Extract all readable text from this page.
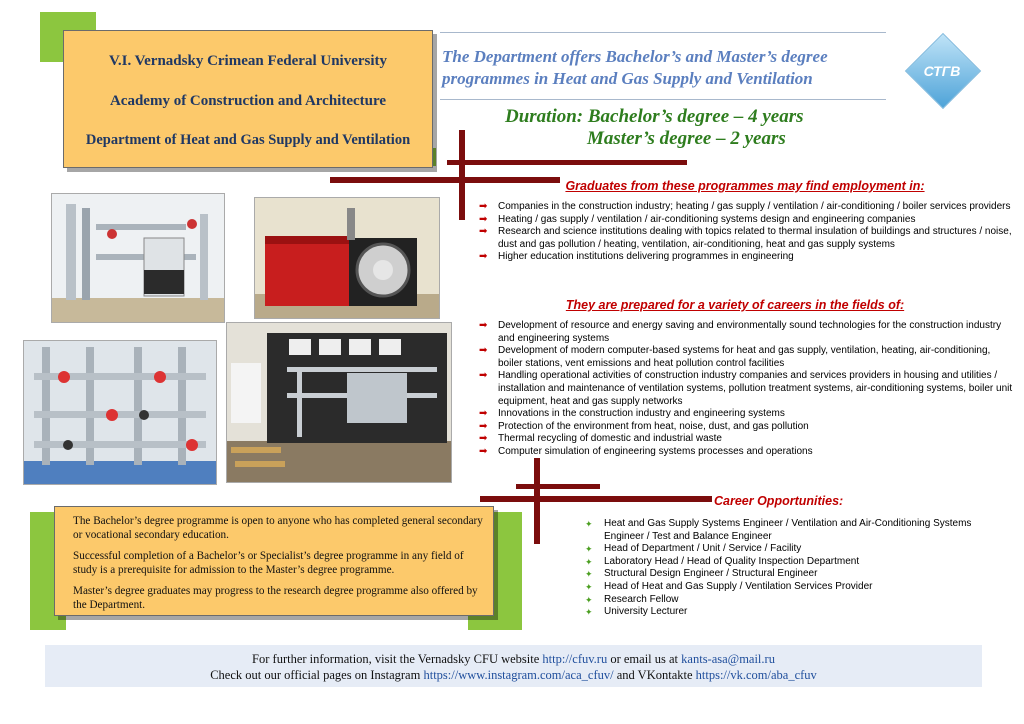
V.I. Vernadsky Crimean Federal University
Academy of Construction and Architecture
Department of Heat and Gas Supply and Ventilation
The Department offers Bachelor’s and Master’s degree
programmes in Heat and Gas Supply and Ventilation	СТГВ
Duration: Bachelor’s degree – 4 years
Master’s degree – 2 years
Graduates from these programmes may find employment in:
➡ Companies in the construction industry; heating / gas supply / ventilation / air-conditioning / boiler services providers
➡ Heating / gas supply / ventilation / air-conditioning systems design and engineering companies
➡ Research and science institutions dealing with topics related to thermal insulation of buildings and structures / noise, dust and gas pollution / heating, ventilation, air-conditioning, heat and gas supply systems
➡ Higher education institutions delivering programmes in engineering
They are prepared for a variety of careers in the fields of:
➡ Development of resource and energy saving and environmentally sound technologies for the construction industry and engineering systems
➡ Development of modern computer-based systems for heat and gas supply, ventilation, heating, air-conditioning, boiler stations, vent emissions and heat pollution control facilities
➡ Handling operational activities of construction industry companies and services providers in housing and utilities / installation and maintenance of ventilation systems, pollution treatment systems, air-conditioning systems, boiler unit equipment, heat and gas supply networks
➡ Innovations in the construction industry and engineering systems
➡ Protection of the environment from heat, noise, dust, and gas pollution
➡ Thermal recycling of domestic and industrial waste
➡ Computer simulation of engineering systems processes and operations

The Bachelor’s degree programme is open to anyone who has completed general secondary or vocational secondary education.

Successful completion of a Bachelor’s or Specialist’s degree programme in any field of study is a prerequisite for admission to the Master’s degree programme.

Master’s degree graduates may progress to the research degree programme also offered by the Department.

Career Opportunities:
✦ Heat and Gas Supply Systems Engineer / Ventilation and Air-Conditioning Systems Engineer / Test and Balance Engineer
✦ Head of Department / Unit / Service / Facility
✦ Laboratory Head / Head of Quality Inspection Department
✦ Structural Design Engineer / Structural Engineer
✦ Head of Heat and Gas Supply / Ventilation Services Provider
✦ Research Fellow
✦ University Lecturer
For further information, visit the Vernadsky CFU website http://cfuv.ru or email us at kants-asa@mail.ru
Check out our official pages on Instagram https://www.instagram.com/aca_cfuv/ and VKontakte https://vk.com/aba_cfuv
